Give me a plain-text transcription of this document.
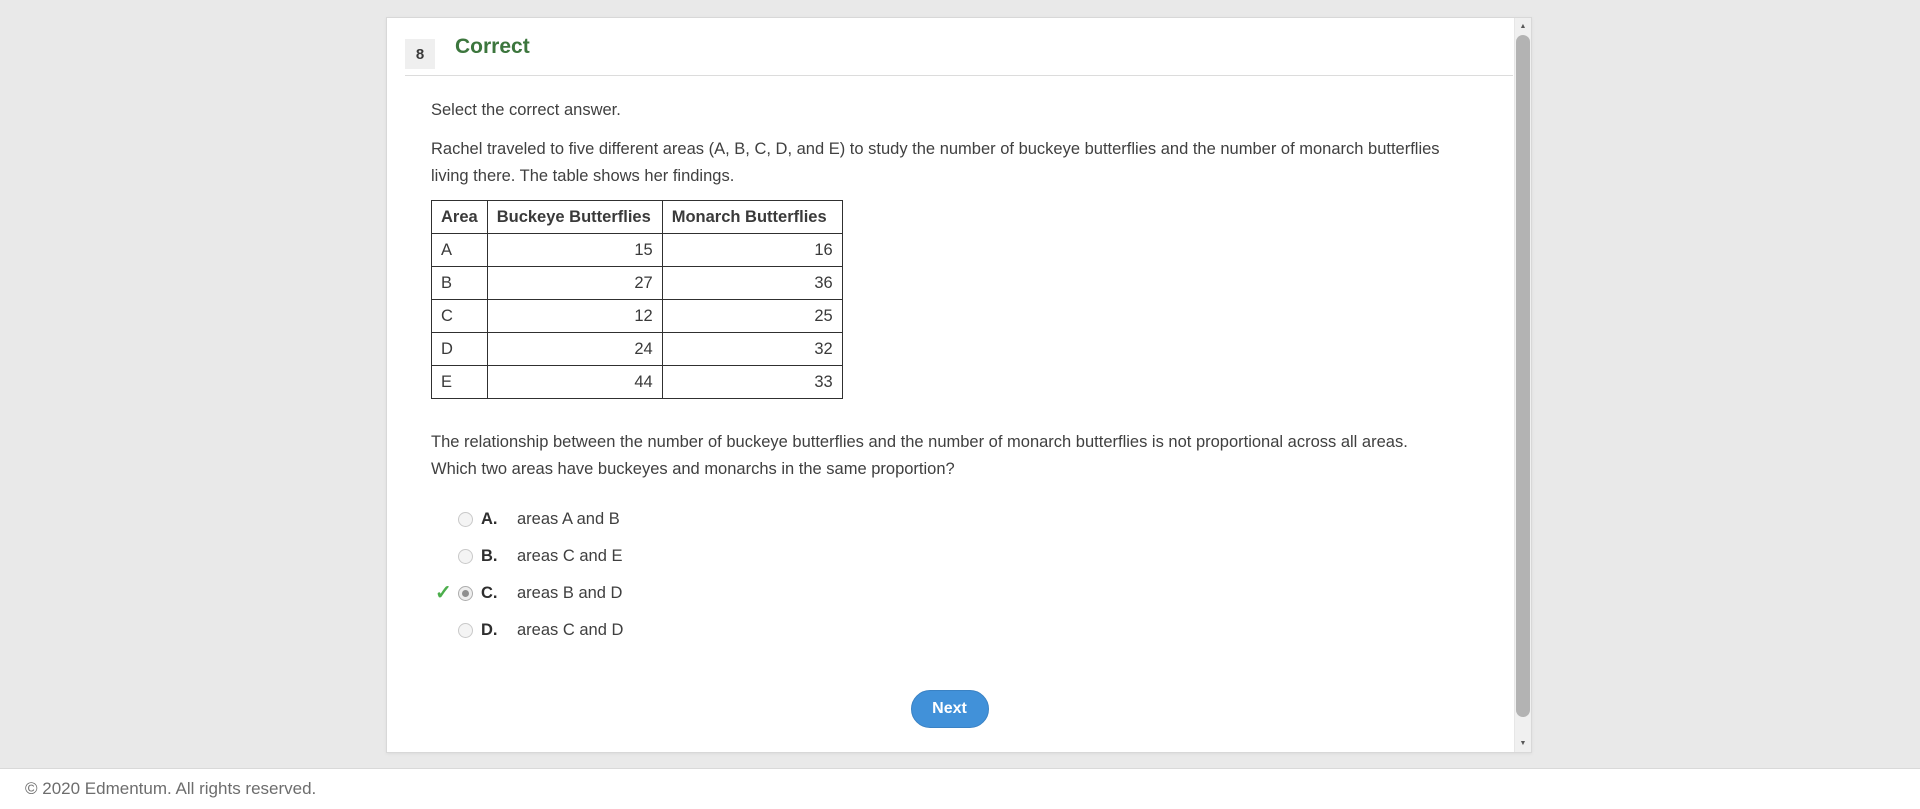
8	Correct

Select the correct answer.

Rachel traveled to five different areas (A, B, C, D, and E) to study the number of buckeye butterflies and the number of monarch butterflies living there. The table shows her findings.

Area	Buckeye Butterflies	Monarch Butterflies
A	15	16
B	27	36
C	12	25
D	24	32
E	44	33

The relationship between the number of buckeye butterflies and the number of monarch butterflies is not proportional across all areas. Which two areas have buckeyes and monarchs in the same proportion?

A.	areas A and B
B.	areas C and E
✓	C.	areas B and D
D.	areas C and D
Next
▲
▼
© 2020 Edmentum. All rights reserved.
